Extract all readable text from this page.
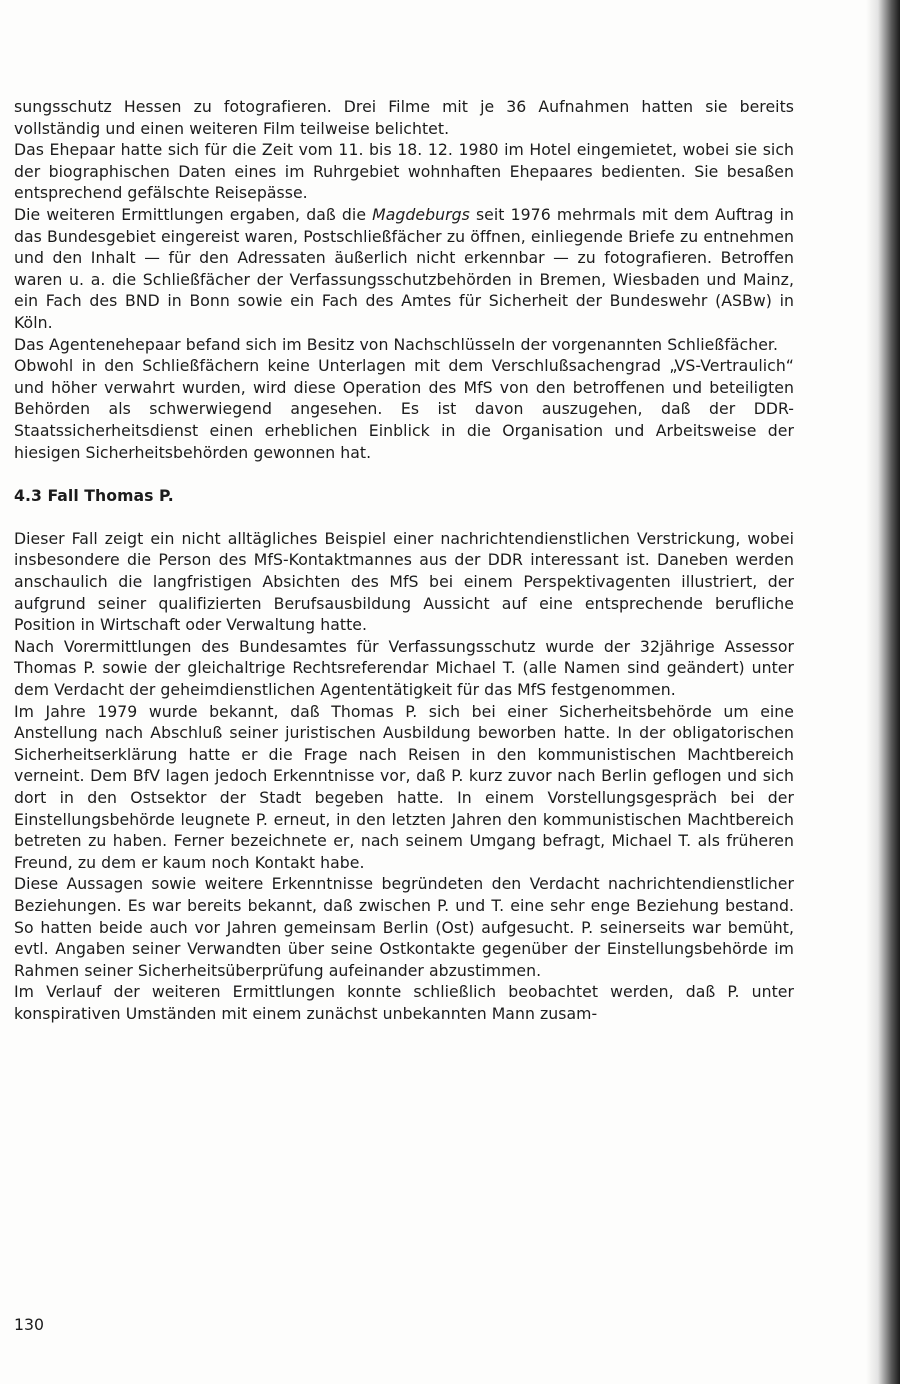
sungsschutz Hessen zu fotografieren. Drei Filme mit je 36 Aufnahmen hatten sie bereits vollständig und einen weiteren Film teilweise belichtet.

Das Ehepaar hatte sich für die Zeit vom 11. bis 18. 12. 1980 im Hotel eingemietet, wobei sie sich der biographischen Daten eines im Ruhrgebiet wohnhaften Ehepaares bedienten. Sie besaßen entsprechend gefälschte Reisepässe.

Die weiteren Ermittlungen ergaben, daß die Magdeburgs seit 1976 mehrmals mit dem Auftrag in das Bundesgebiet eingereist waren, Postschließfächer zu öffnen, einliegende Briefe zu entnehmen und den Inhalt — für den Adressaten äußerlich nicht erkennbar — zu fotografieren. Betroffen waren u. a. die Schließfächer der Verfassungsschutzbehörden in Bremen, Wiesbaden und Mainz, ein Fach des BND in Bonn sowie ein Fach des Amtes für Sicherheit der Bundeswehr (ASBw) in Köln.

Das Agentenehepaar befand sich im Besitz von Nachschlüsseln der vorgenannten Schließfächer.

Obwohl in den Schließfächern keine Unterlagen mit dem Verschlußsachengrad „VS-Vertraulich“ und höher verwahrt wurden, wird diese Operation des MfS von den betroffenen und beteiligten Behörden als schwerwiegend angesehen. Es ist davon auszugehen, daß der DDR-Staatssicherheitsdienst einen erheblichen Einblick in die Organisation und Arbeitsweise der hiesigen Sicherheitsbehörden gewonnen hat.

4.3 Fall Thomas P.

Dieser Fall zeigt ein nicht alltägliches Beispiel einer nachrichtendienstlichen Verstrickung, wobei insbesondere die Person des MfS-Kontaktmannes aus der DDR interessant ist. Daneben werden anschaulich die langfristigen Absichten des MfS bei einem Perspektivagenten illustriert, der aufgrund seiner qualifizierten Berufsausbildung Aussicht auf eine entsprechende berufliche Position in Wirtschaft oder Verwaltung hatte.

Nach Vorermittlungen des Bundesamtes für Verfassungsschutz wurde der 32jährige Assessor Thomas P. sowie der gleichaltrige Rechtsreferendar Michael T. (alle Namen sind geändert) unter dem Verdacht der geheimdienstlichen Agententätigkeit für das MfS festgenommen.

Im Jahre 1979 wurde bekannt, daß Thomas P. sich bei einer Sicherheitsbehörde um eine Anstellung nach Abschluß seiner juristischen Ausbildung beworben hatte. In der obligatorischen Sicherheitserklärung hatte er die Frage nach Reisen in den kommunistischen Machtbereich verneint. Dem BfV lagen jedoch Erkenntnisse vor, daß P. kurz zuvor nach Berlin geflogen und sich dort in den Ostsektor der Stadt begeben hatte. In einem Vorstellungsgespräch bei der Einstellungsbehörde leugnete P. erneut, in den letzten Jahren den kommunistischen Machtbereich betreten zu haben. Ferner bezeichnete er, nach seinem Umgang befragt, Michael T. als früheren Freund, zu dem er kaum noch Kontakt habe.

Diese Aussagen sowie weitere Erkenntnisse begründeten den Verdacht nachrichtendienstlicher Beziehungen. Es war bereits bekannt, daß zwischen P. und T. eine sehr enge Beziehung bestand. So hatten beide auch vor Jahren gemeinsam Berlin (Ost) aufgesucht. P. seinerseits war bemüht, evtl. Angaben seiner Verwandten über seine Ostkontakte gegenüber der Einstellungsbehörde im Rahmen seiner Sicherheitsüberprüfung aufeinander abzustimmen.

Im Verlauf der weiteren Ermittlungen konnte schließlich beobachtet werden, daß P. unter konspirativen Umständen mit einem zunächst unbekannten Mann zusam-

130
